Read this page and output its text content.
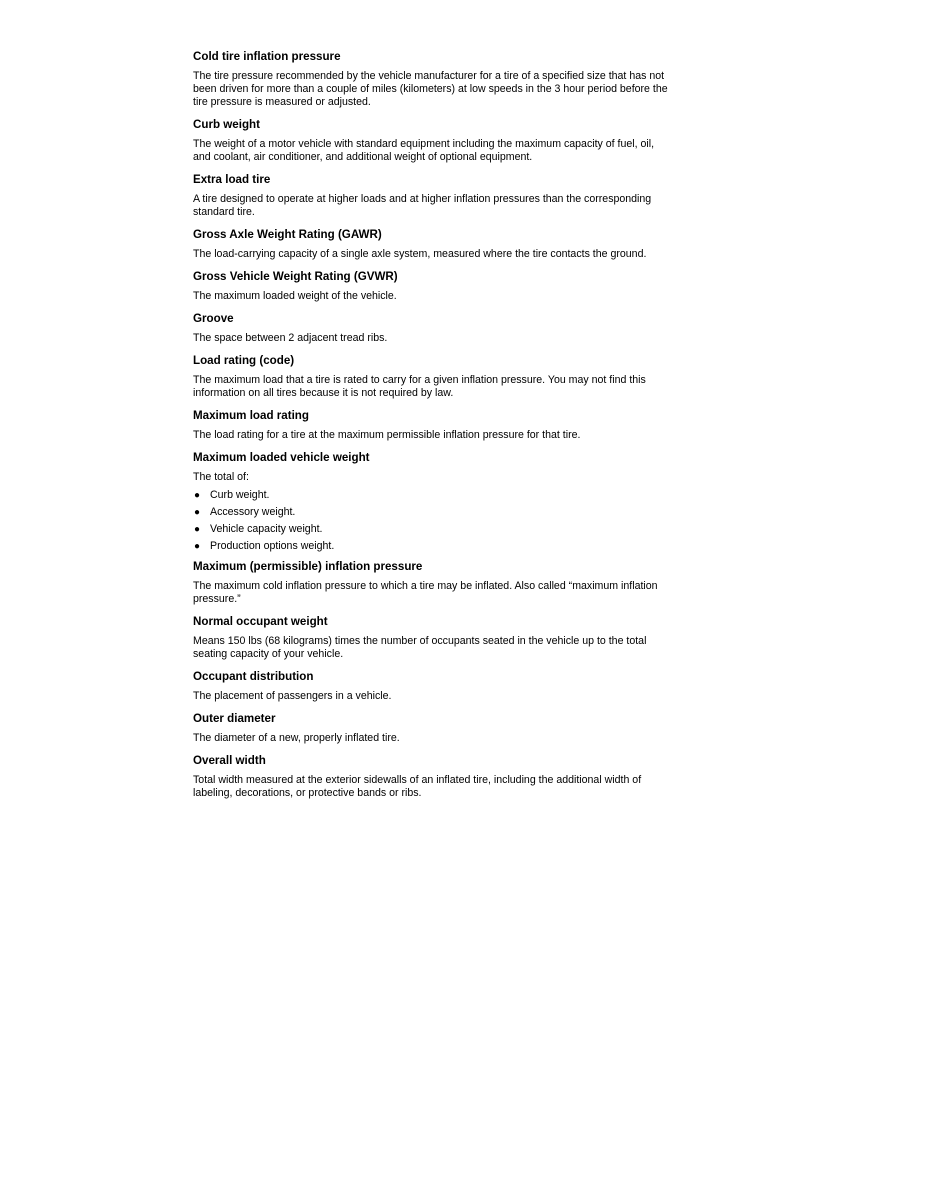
Cold tire inflation pressure

The tire pressure recommended by the vehicle manufacturer for a tire of a specified size that has not
been driven for more than a couple of miles (kilometers) at low speeds in the 3 hour period before the
tire pressure is measured or adjusted.

Curb weight

The weight of a motor vehicle with standard equipment including the maximum capacity of fuel, oil,
and coolant, air conditioner, and additional weight of optional equipment.

Extra load tire

A tire designed to operate at higher loads and at higher inflation pressures than the corresponding
standard tire.

Gross Axle Weight Rating (GAWR)

The load-carrying capacity of a single axle system, measured where the tire contacts the ground.

Gross Vehicle Weight Rating (GVWR)

The maximum loaded weight of the vehicle.

Groove

The space between 2 adjacent tread ribs.

Load rating (code)

The maximum load that a tire is rated to carry for a given inflation pressure. You may not find this
information on all tires because it is not required by law.

Maximum load rating

The load rating for a tire at the maximum permissible inflation pressure for that tire.

Maximum loaded vehicle weight

The total of:

● Curb weight.
● Accessory weight.
● Vehicle capacity weight.
● Production options weight.

Maximum (permissible) inflation pressure

The maximum cold inflation pressure to which a tire may be inflated. Also called “maximum inflation
pressure.”

Normal occupant weight

Means 150 lbs (68 kilograms) times the number of occupants seated in the vehicle up to the total
seating capacity of your vehicle.

Occupant distribution

The placement of passengers in a vehicle.

Outer diameter

The diameter of a new, properly inflated tire.

Overall width

Total width measured at the exterior sidewalls of an inflated tire, including the additional width of
labeling, decorations, or protective bands or ribs.
